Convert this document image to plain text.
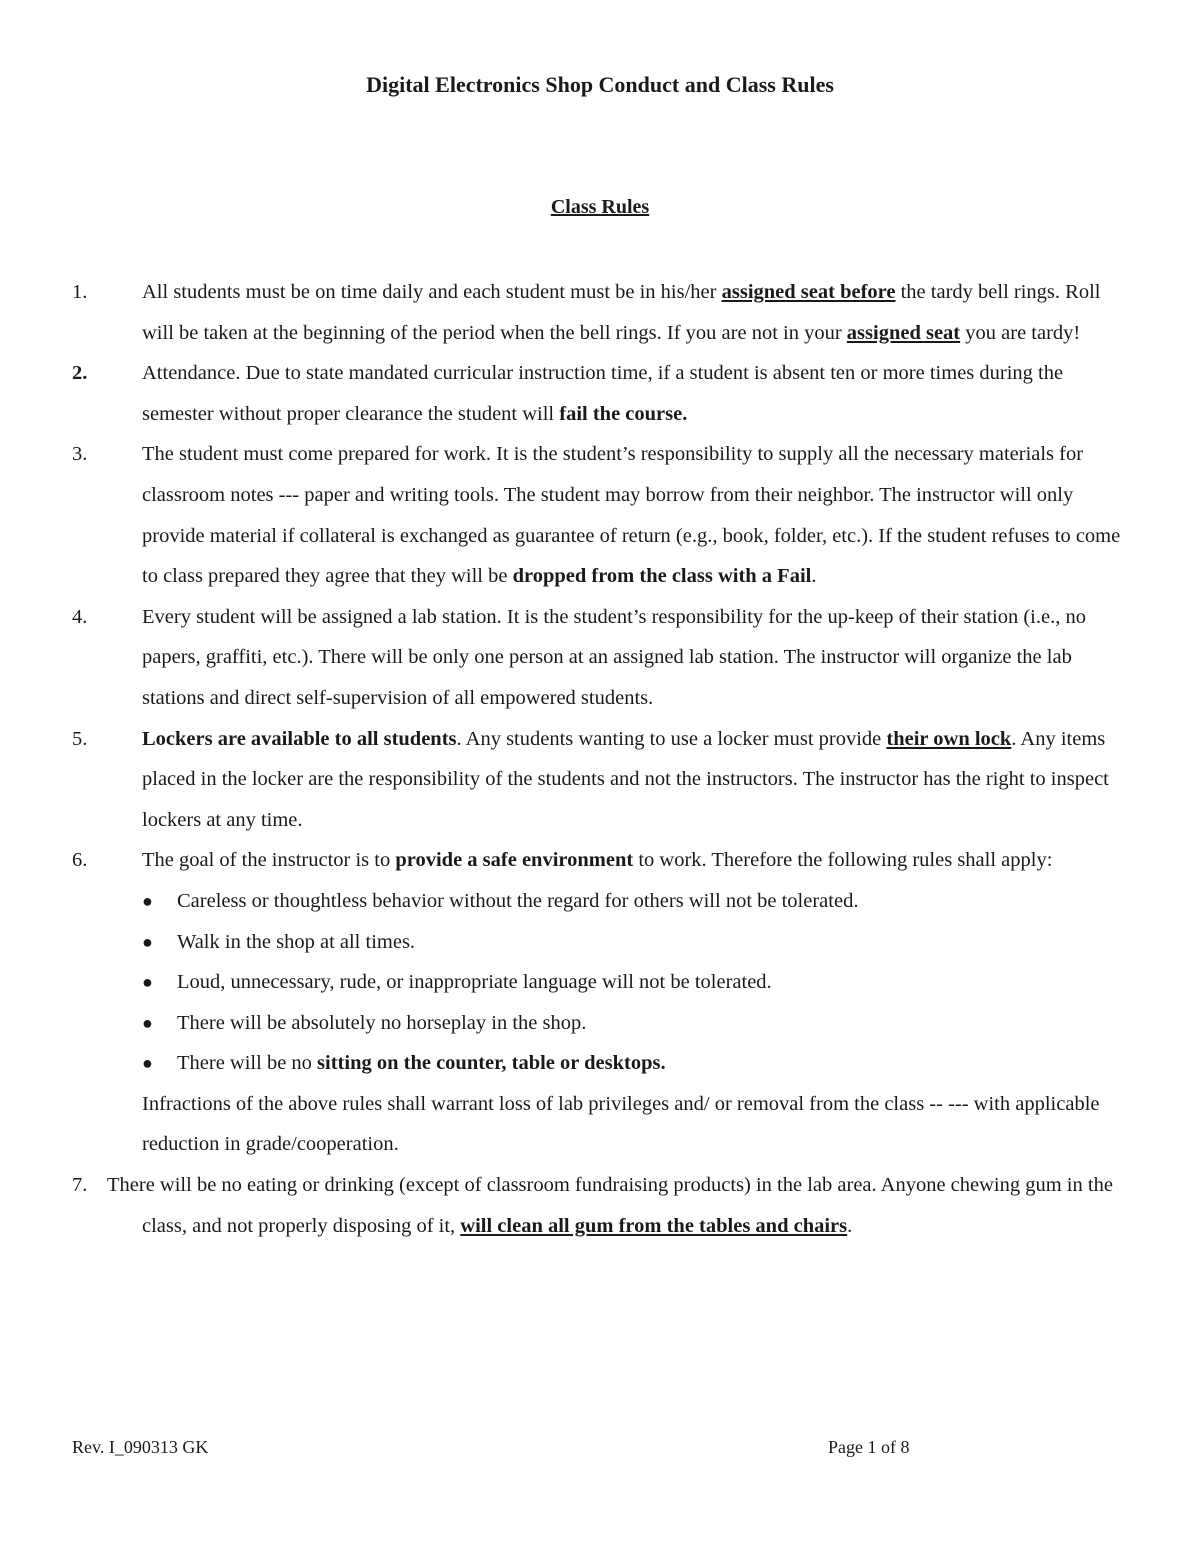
Digital Electronics Shop Conduct and Class Rules
Class Rules
1.	All students must be on time daily and each student must be in his/her assigned seat before the tardy bell rings. Roll will be taken at the beginning of the period when the bell rings. If you are not in your assigned seat you are tardy!
2.	Attendance. Due to state mandated curricular instruction time, if a student is absent ten or more times during the semester without proper clearance the student will fail the course.
3.	The student must come prepared for work. It is the student’s responsibility to supply all the necessary materials for classroom notes --- paper and writing tools. The student may borrow from their neighbor. The instructor will only provide material if collateral is exchanged as guarantee of return (e.g., book, folder, etc.). If the student refuses to come to class prepared they agree that they will be dropped from the class with a Fail.
4.	Every student will be assigned a lab station. It is the student’s responsibility for the up-keep of their station (i.e., no papers, graffiti, etc.). There will be only one person at an assigned lab station. The instructor will organize the lab stations and direct self-supervision of all empowered students.
5.	Lockers are available to all students. Any students wanting to use a locker must provide their own lock. Any items placed in the locker are the responsibility of the students and not the instructors. The instructor has the right to inspect lockers at any time.
6.	The goal of the instructor is to provide a safe environment to work. Therefore the following rules shall apply:
● Careless or thoughtless behavior without the regard for others will not be tolerated.
● Walk in the shop at all times.
● Loud, unnecessary, rude, or inappropriate language will not be tolerated.
● There will be absolutely no horseplay in the shop.
● There will be no sitting on the counter, table or desktops.
Infractions of the above rules shall warrant loss of lab privileges and/ or removal from the class -- --- with applicable reduction in grade/cooperation.
7. There will be no eating or drinking (except of classroom fundraising products) in the lab area. Anyone chewing gum in the class, and not properly disposing of it, will clean all gum from the tables and chairs.
Rev. I_090313 GK	Page 1 of 8
